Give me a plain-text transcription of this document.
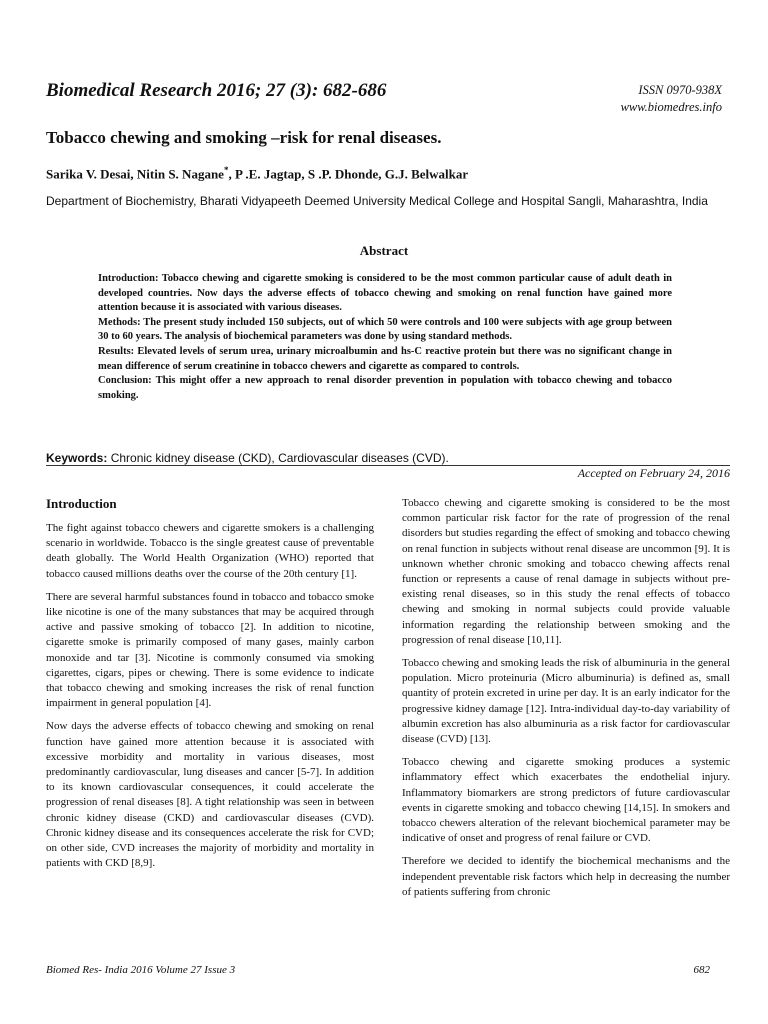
Biomedical Research 2016; 27 (3): 682-686	ISSN 0970-938X
www.biomedres.info
Tobacco chewing and smoking –risk for renal diseases.
Sarika V. Desai, Nitin S. Nagane*, P .E. Jagtap, S .P. Dhonde, G.J. Belwalkar
Department of Biochemistry, Bharati Vidyapeeth Deemed University Medical College and Hospital Sangli, Maharashtra, India
Abstract

Introduction: Tobacco chewing and cigarette smoking is considered to be the most common particular cause of adult death in developed countries. Now days the adverse effects of tobacco chewing and smoking on renal function have gained more attention because it is associated with various diseases.

Methods: The present study included 150 subjects, out of which 50 were controls and 100 were subjects with age group between 30 to 60 years. The analysis of biochemical parameters was done by using standard methods.

Results: Elevated levels of serum urea, urinary microalbumin and hs-C reactive protein but there was no significant change in mean difference of serum creatinine in tobacco chewers and cigarette as compared to controls.

Conclusion: This might offer a new approach to renal disorder prevention in population with tobacco chewing and tobacco smoking.

Keywords: Chronic kidney disease (CKD), Cardiovascular diseases (CVD).
Accepted on February 24, 2016
Introduction

The fight against tobacco chewers and cigarette smokers is a challenging scenario in worldwide. Tobacco is the single greatest cause of preventable death globally. The World Health Organization (WHO) reported that tobacco caused millions deaths over the course of the 20th century [1].

There are several harmful substances found in tobacco and tobacco smoke like nicotine is one of the many substances that may be acquired through active and passive smoking of tobacco [2]. In addition to nicotine, cigarette smoke is primarily composed of many gases, mainly carbon monoxide and tar [3]. Nicotine is commonly consumed via smoking cigarettes, cigars, pipes or chewing. There is some evidence to indicate that tobacco chewing and smoking increases the risk of renal function impairment in general population [4].

Now days the adverse effects of tobacco chewing and smoking on renal function have gained more attention because it is associated with excessive morbidity and mortality in various diseases, most predominantly cardiovascular, lung diseases and cancer [5-7]. In addition to its known cardiovascular consequences, it could accelerate the progression of renal diseases [8]. A tight relationship was seen in between chronic kidney disease (CKD) and cardiovascular diseases (CVD). Chronic kidney disease and its consequences accelerate the risk for CVD; on other side, CVD increases the majority of morbidity and mortality in patients with CKD [8,9].

Tobacco chewing and cigarette smoking is considered to be the most common particular risk factor for the rate of progression of the renal disorders but studies regarding the effect of smoking and tobacco chewing on renal function in subjects without renal disease are uncommon [9]. It is unknown whether chronic smoking and tobacco chewing affects renal function or represents a cause of renal damage in subjects without pre-existing renal diseases, so in this study the renal effects of tobacco chewing and smoking in normal subjects could provide valuable information regarding the relationship between smoking and the progression of renal disease [10,11].

Tobacco chewing and smoking leads the risk of albuminuria in the general population. Micro proteinuria (Micro albuminuria) is defined as, small quantity of protein excreted in urine per day. It is an early indicator for the progressive kidney damage [12]. Intra-individual day-to-day variability of albumin excretion has also albuminuria as a risk factor for cardiovascular disease (CVD) [13].

Tobacco chewing and cigarette smoking produces a systemic inflammatory effect which exacerbates the endothelial injury. Inflammatory biomarkers are strong predictors of future cardiovascular events in cigarette smoking and tobacco chewing [14,15]. In smokers and tobacco chewers alteration of the relevant biochemical parameter may be indicative of onset and progress of renal failure or CVD.

Therefore we decided to identify the biochemical mechanisms and the independent preventable risk factors which help in decreasing the number of patients suffering from chronic

Biomed Res- India 2016 Volume 27 Issue 3	682
